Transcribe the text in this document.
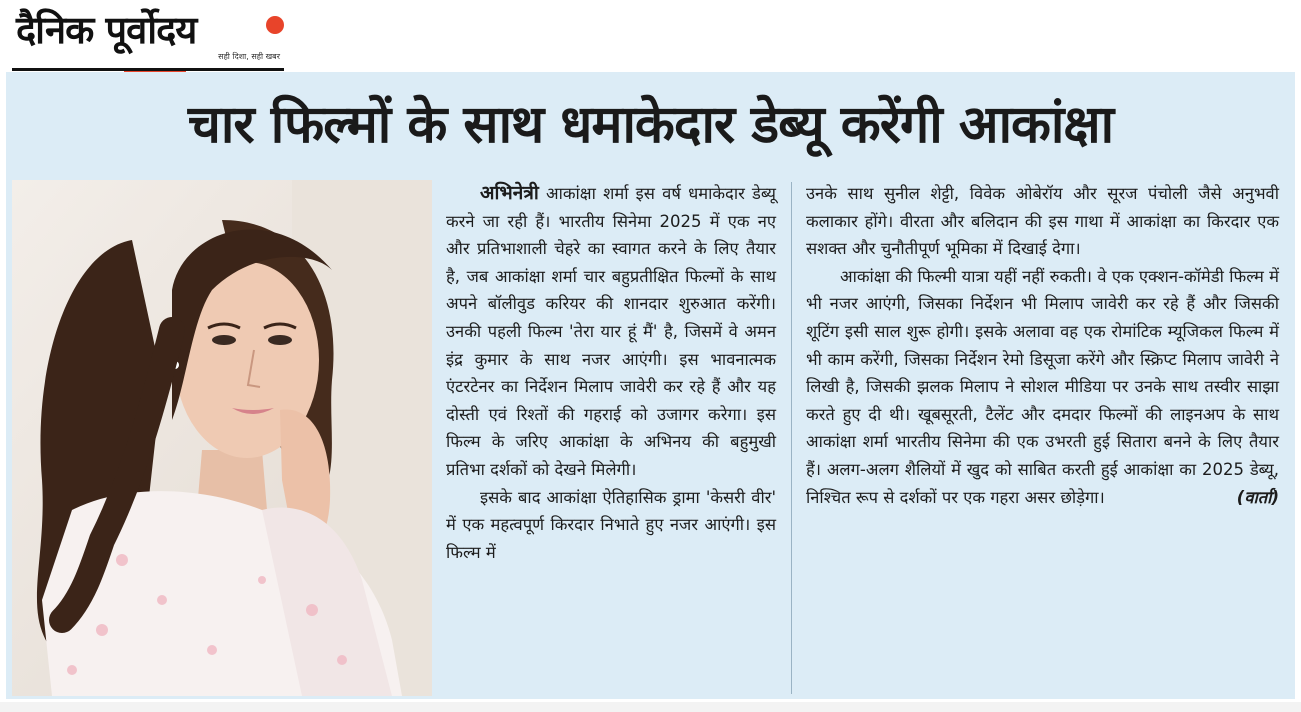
दैनिक पूर्वोदय
सही दिशा, सही खबर
चार फिल्मों के साथ धमाकेदार डेब्यू करेंगी आकांक्षा

अभिनेत्री आकांक्षा शर्मा इस वर्ष धमाकेदार डेब्यू करने जा रही हैं। भारतीय सिनेमा 2025 में एक नए और प्रतिभाशाली चेहरे का स्वागत करने के लिए तैयार है, जब आकांक्षा शर्मा चार बहुप्रतीक्षित फिल्मों के साथ अपने बॉलीवुड करियर की शानदार शुरुआत करेंगी। उनकी पहली फिल्म 'तेरा यार हूं मैं' है, जिसमें वे अमन इंद्र कुमार के साथ नजर आएंगी। इस भावनात्मक एंटरटेनर का निर्देशन मिलाप जावेरी कर रहे हैं और यह दोस्ती एवं रिश्तों की गहराई को उजागर करेगा। इस फिल्म के जरिए आकांक्षा के अभिनय की बहुमुखी प्रतिभा दर्शकों को देखने मिलेगी।

इसके बाद आकांक्षा ऐतिहासिक ड्रामा 'केसरी वीर' में एक महत्वपूर्ण किरदार निभाते हुए नजर आएंगी। इस फिल्म में

उनके साथ सुनील शेट्टी, विवेक ओबेरॉय और सूरज पंचोली जैसे अनुभवी कलाकार होंगे। वीरता और बलिदान की इस गाथा में आकांक्षा का किरदार एक सशक्त और चुनौतीपूर्ण भूमिका में दिखाई देगा।

आकांक्षा की फिल्मी यात्रा यहीं नहीं रुकती। वे एक एक्शन-कॉमेडी फिल्म में भी नजर आएंगी, जिसका निर्देशन भी मिलाप जावेरी कर रहे हैं और जिसकी शूटिंग इसी साल शुरू होगी। इसके अलावा वह एक रोमांटिक म्यूजिकल फिल्म में भी काम करेंगी, जिसका निर्देशन रेमो डिसूजा करेंगे और स्क्रिप्ट मिलाप जावेरी ने लिखी है, जिसकी झलक मिलाप ने सोशल मीडिया पर उनके साथ तस्वीर साझा करते हुए दी थी। खूबसूरती, टैलेंट और दमदार फिल्मों की लाइनअप के साथ आकांक्षा शर्मा भारतीय सिनेमा की एक उभरती हुई सितारा बनने के लिए तैयार हैं। अलग-अलग शैलियों में खुद को साबित करती हुई आकांक्षा का 2025 डेब्यू, निश्चित रूप से दर्शकों पर एक गहरा असर छोड़ेगा।	(वार्ता)
